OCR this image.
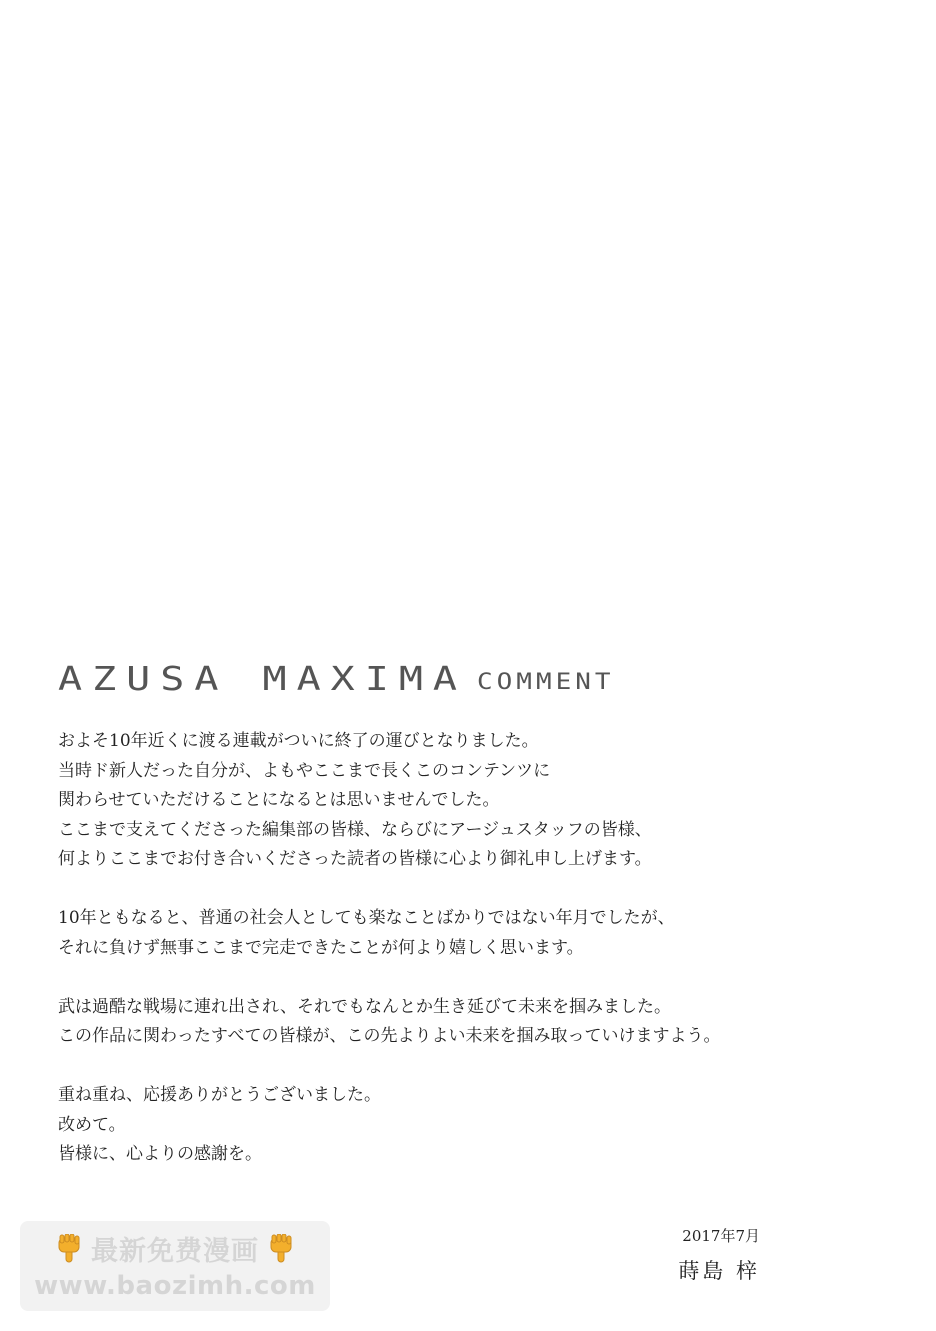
AZUSA MAXIMA COMMENT

およそ10年近くに渡る連載がついに終了の運びとなりました。
当時ド新人だった自分が、よもやここまで長くこのコンテンツに
関わらせていただけることになるとは思いませんでした。
ここまで支えてくださった編集部の皆様、ならびにアージュスタッフの皆様、
何よりここまでお付き合いくださった読者の皆様に心より御礼申し上げます。

10年ともなると、普通の社会人としても楽なことばかりではない年月でしたが、
それに負けず無事ここまで完走できたことが何より嬉しく思います。

武は過酷な戦場に連れ出され、それでもなんとか生き延びて未来を掴みました。
この作品に関わったすべての皆様が、この先よりよい未来を掴み取っていけますよう。

重ね重ね、応援ありがとうございました。
改めて。
皆様に、心よりの感謝を。

2017年7月
蒔島 梓
最新免费漫画
www.baozimh.com
